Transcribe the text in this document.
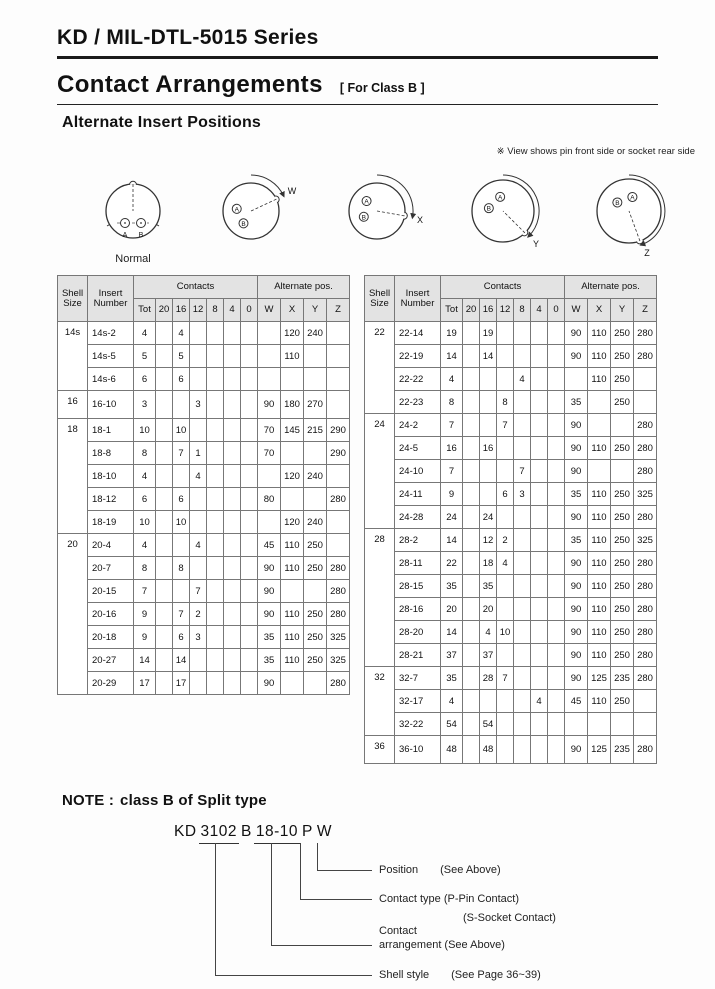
KD / MIL-DTL-5015 Series
Contact Arrangements [ For Class B ]
Alternate Insert Positions
※ View shows pin front side or socket rear side
A B
Normal
A
B
W
A
B	X
A
B
Y
A
B
Z
Shell Size	Insert Number	Contacts							Alternate pos.			
		Tot	20	16	12	8	4	0	W	X	Y	Z
14s	14s-2	4		4						120	240	
	14s-5	5		5						110		
	14s-6	6		6								
16	16-10	3			3				90	180	270	
18	18-1	10		10					70	145	215	290
	18-8	8		7	1				70			290
	18-10	4			4					120	240	
	18-12	6		6					80			280
	18-19	10		10						120	240	
20	20-4	4			4				45	110	250	
	20-7	8		8					90	110	250	280
	20-15	7			7				90			280
	20-16	9		7	2				90	110	250	280
	20-18	9		6	3				35	110	250	325
	20-27	14		14					35	110	250	325
	20-29	17		17					90			280
Shell Size	Insert Number	Contacts							Alternate pos.			
		Tot	20	16	12	8	4	0	W	X	Y	Z
22	22-14	19		19					90	110	250	280
	22-19	14		14					90	110	250	280
	22-22	4				4				110	250	
	22-23	8			8				35		250	
24	24-2	7			7				90			280
	24-5	16		16					90	110	250	280
	24-10	7				7			90			280
	24-11	9			6	3			35	110	250	325
	24-28	24		24					90	110	250	280
28	28-2	14		12	2				35	110	250	325
	28-11	22		18	4				90	110	250	280
	28-15	35		35					90	110	250	280
	28-16	20		20					90	110	250	280
	28-20	14		4	10				90	110	250	280
	28-21	37		37					90	110	250	280
32	32-7	35		28	7				90	125	235	280
	32-17	4					4		45	110	250	
	32-22	54		54								
36	36-10	48		48					90	125	235	280
NOTE : class B of Split type
KD 3102 B 18-10 P W
Position (See Above)
Contact type (P-Pin Contact)
(S-Socket Contact)
Contact
arrangement (See Above)
Shell style (See Page 36~39)
